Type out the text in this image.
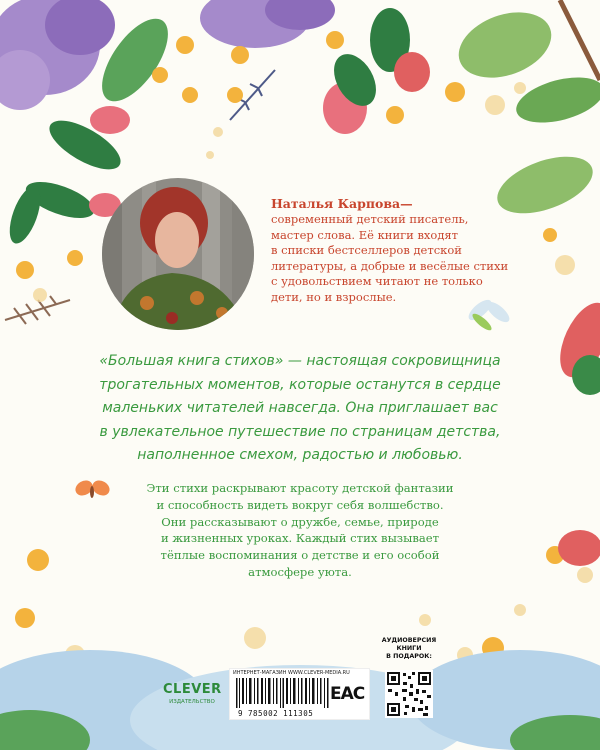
Наталья Карпова—
современный детский писатель,
мастер слова. Её книги входят
в списки бестселлеров детской
литературы, а добрые и весёлые стихи
с удовольствием читают не только
дети, но и взрослые.
«Большая книга стихов» — настоящая сокровищница
трогательных моментов, которые останутся в сердце
маленьких читателей навсегда. Она приглашает вас
в увлекательное путешествие по страницам детства,
наполненное смехом, радостью и любовью.
Эти стихи раскрывают красоту детской фантазии
и способность видеть вокруг себя волшебство.
Они рассказывают о дружбе, семье, природе
и жизненных уроках. Каждый стих вызывает
тёплые воспоминания о детстве и его особой
атмосфере уюта.
CLEVER
ИЗДАТЕЛЬСТВО
ИНТЕРНЕТ-МАГАЗИН WWW.CLEVER-MEDIA.RU
9 785002 111305
ЕАС
АУДИОВЕРСИЯ
КНИГИ
В ПОДАРОК:
